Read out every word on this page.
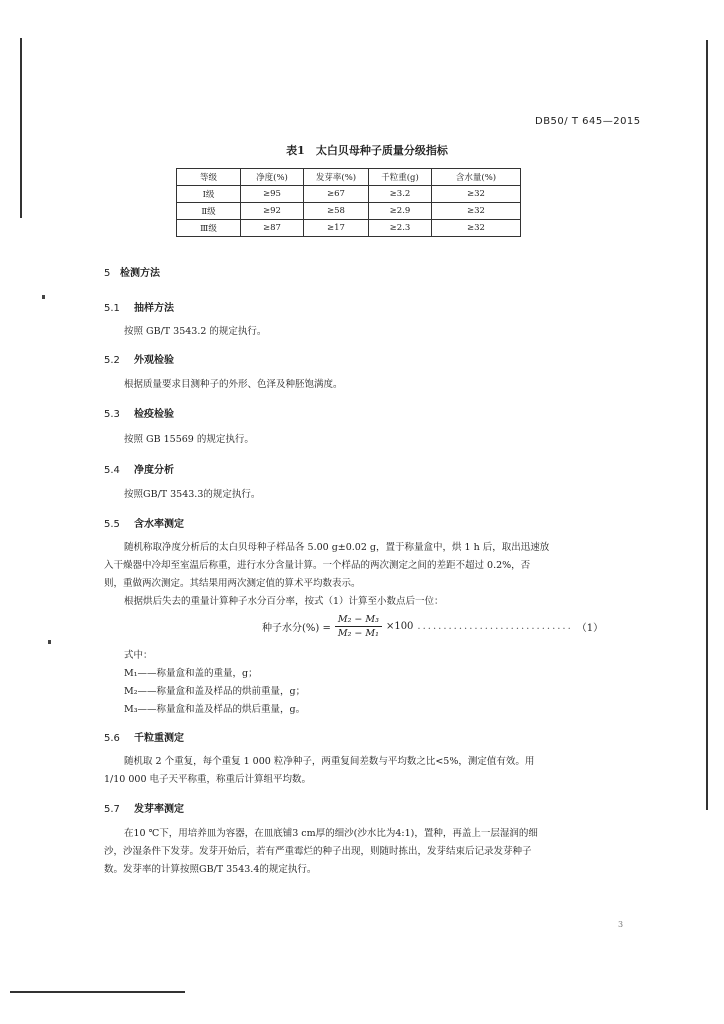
DB50/ T 645—2015
表1　太白贝母种子质量分级指标
等级	净度(%)	发芽率(%)	千粒重(g)	含水量(%)
Ⅰ级	≥95	≥67	≥3.2	≥32
Ⅱ级	≥92	≥58	≥2.9	≥32
Ⅲ级	≥87	≥17	≥2.3	≥32
5 检测方法
5.1 抽样方法
按照 GB/T 3543.2 的规定执行。
5.2 外观检验
根据质量要求目测种子的外形、色泽及种胚饱满度。
5.3 检疫检验
按照 GB 15569 的规定执行。
5.4 净度分析
按照GB/T 3543.3的规定执行。
5.5 含水率测定
随机称取净度分析后的太白贝母种子样品各 5.00 g±0.02 g，置于称量盒中，烘 1 h 后，取出迅速放
入干燥器中冷却至室温后称重，进行水分含量计算。一个样品的两次测定之间的差距不超过 0.2%，否
则，重做两次测定。其结果用两次测定值的算术平均数表示。
根据烘后失去的重量计算种子水分百分率，按式（1）计算至小数点后一位：
种子水分(%) = $\frac{\text{M₂ − M₃}}{\text{M₂ − M₁}} \times 100$ .............................. （1）
式中：
M₁——称量盒和盖的重量，g；
M₂——称量盒和盖及样品的烘前重量，g；
M₃——称量盒和盖及样品的烘后重量，g。
5.6 千粒重测定
随机取 2 个重复，每个重复 1 000 粒净种子，两重复间差数与平均数之比<5%，测定值有效。用
1/10 000 电子天平称重，称重后计算组平均数。
5.7 发芽率测定
在10 ℃下，用培养皿为容器，在皿底铺3 cm厚的细沙(沙水比为4:1)，置种，再盖上一层湿润的细
沙，沙湿条件下发芽。发芽开始后，若有严重霉烂的种子出现，则随时拣出，发芽结束后记录发芽种子
数。发芽率的计算按照GB/T 3543.4的规定执行。
3
